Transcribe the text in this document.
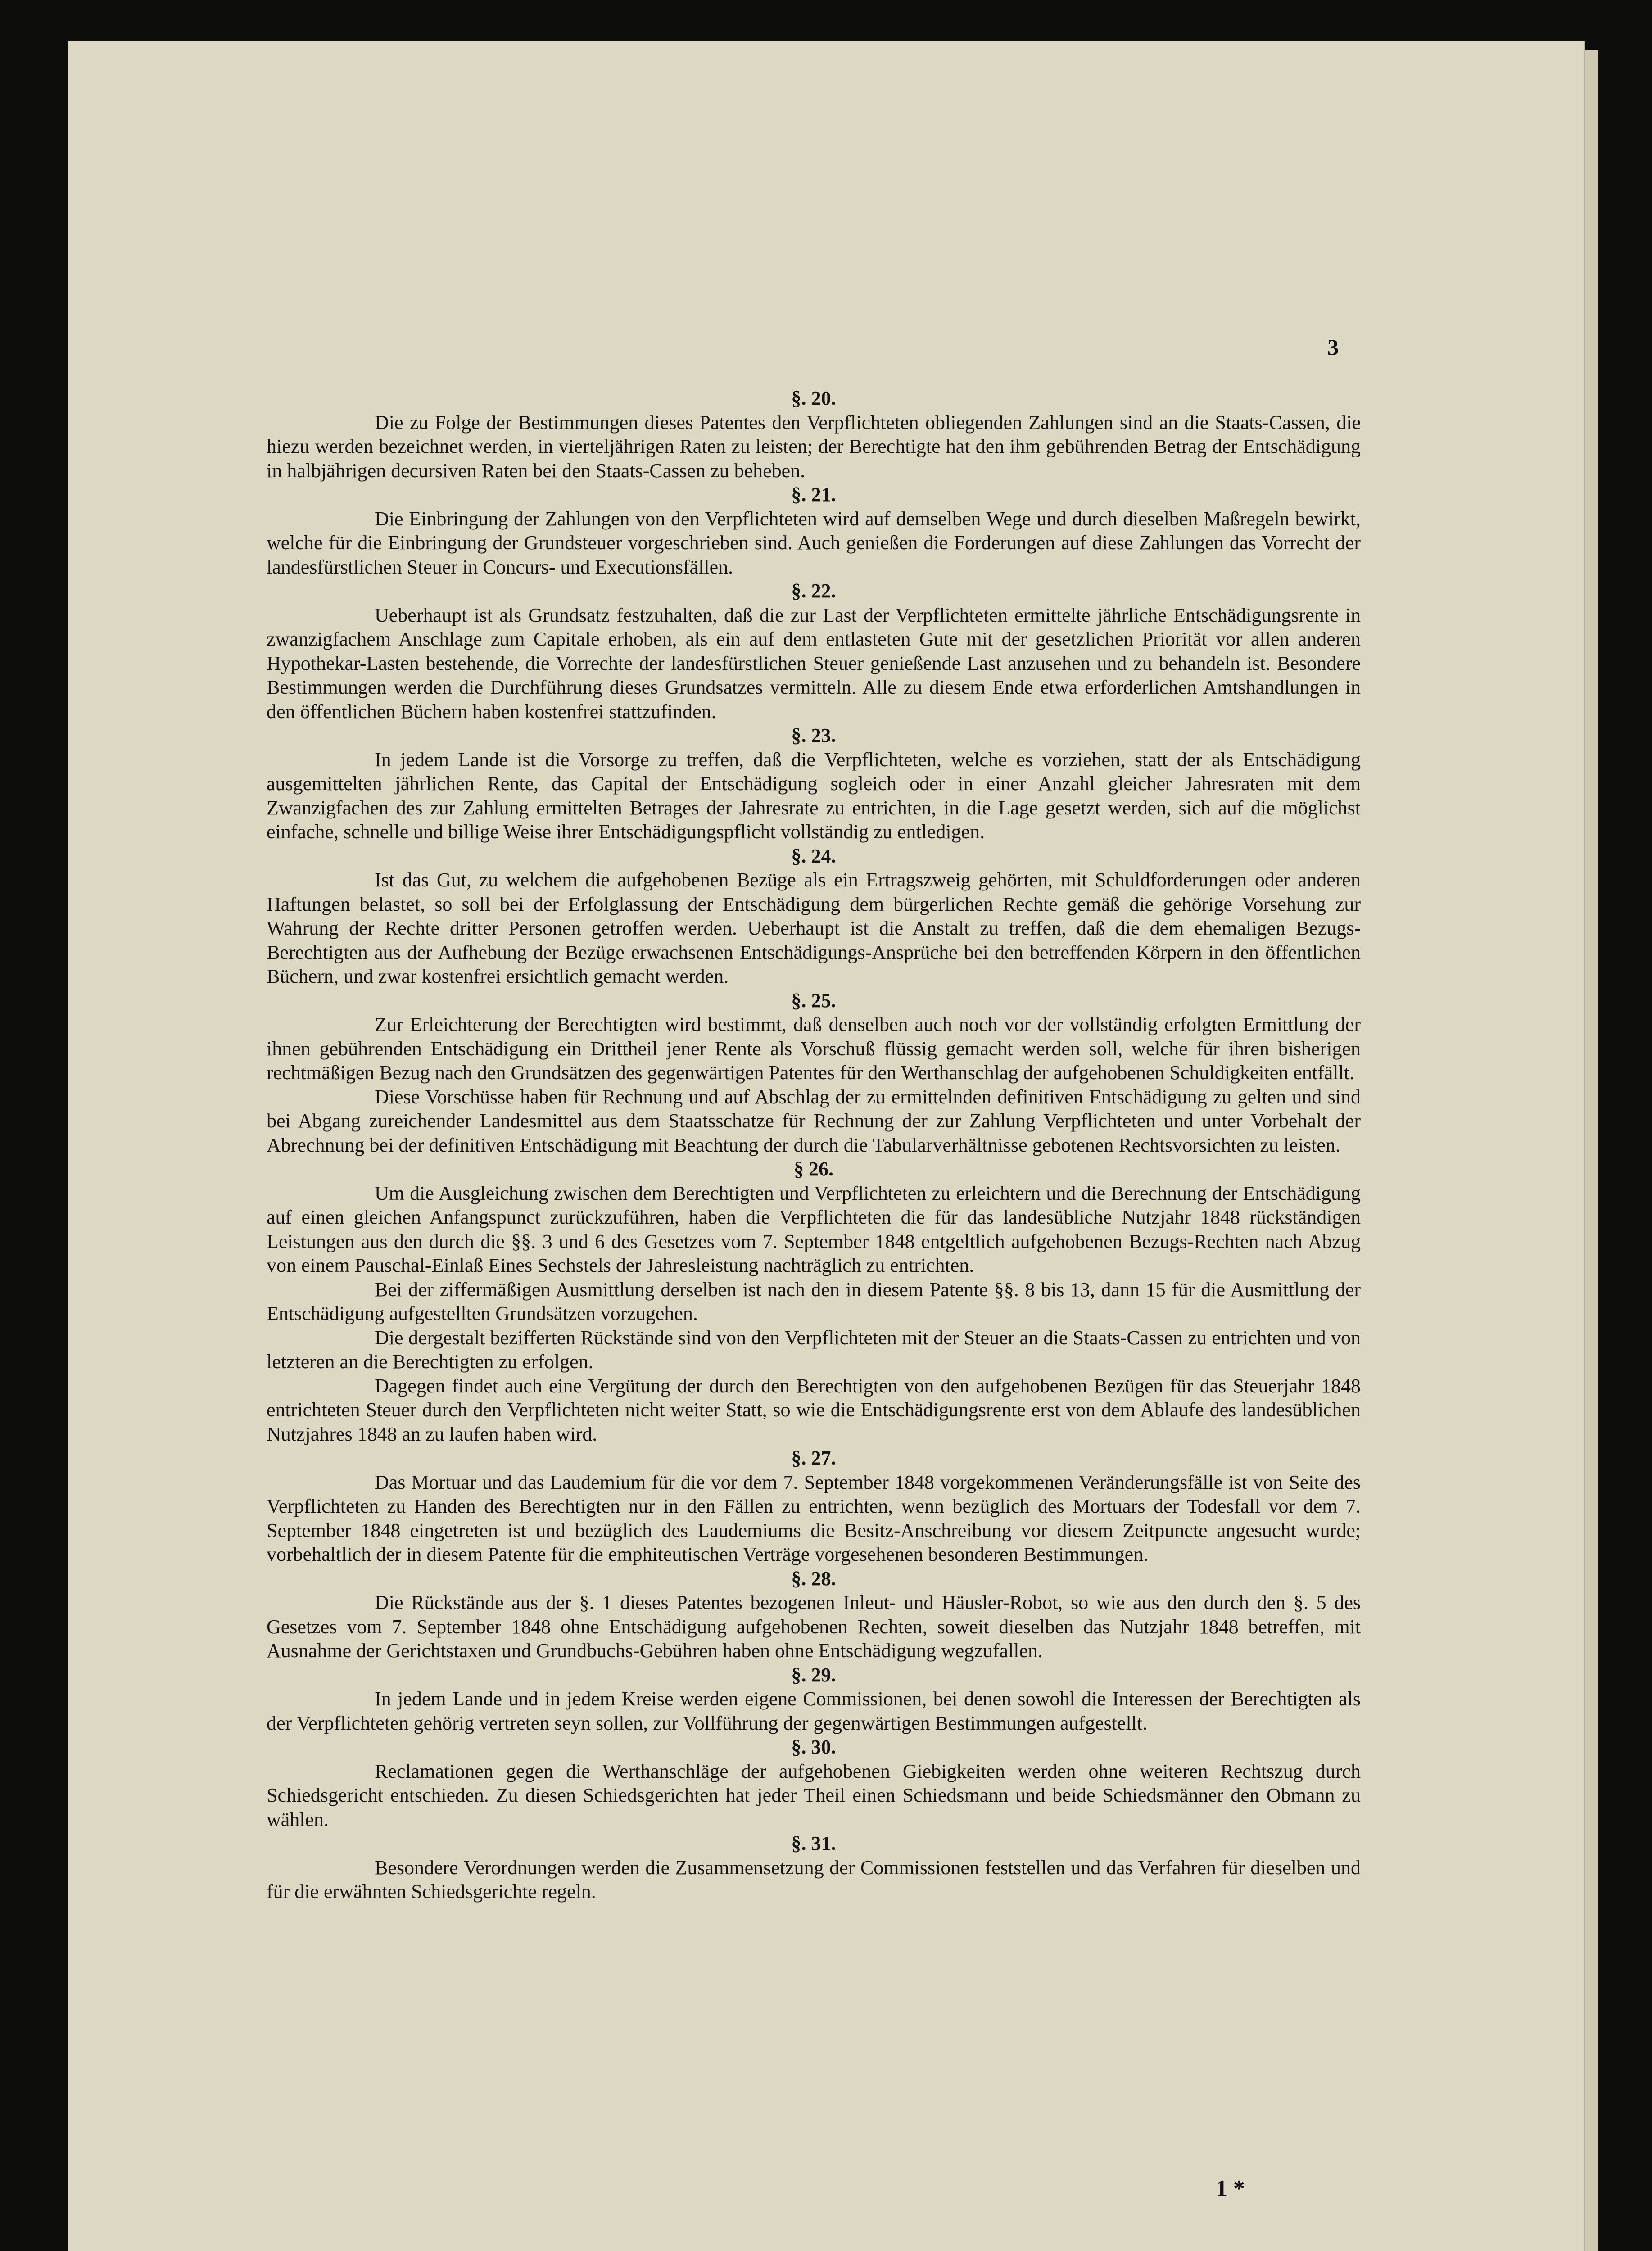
3
§. 20.

Die zu Folge der Bestimmungen dieses Patentes den Verpflichteten obliegenden Zahlungen sind an die Staats-Cassen, die hiezu werden bezeichnet werden, in vierteljährigen Raten zu leisten; der Berechtigte hat den ihm gebührenden Betrag der Entschädigung in halbjährigen decursiven Raten bei den Staats-Cassen zu beheben.

§. 21.

Die Einbringung der Zahlungen von den Verpflichteten wird auf demselben Wege und durch dieselben Maßregeln bewirkt, welche für die Einbringung der Grundsteuer vorgeschrieben sind. Auch genießen die Forderungen auf diese Zahlungen das Vorrecht der landesfürstlichen Steuer in Concurs- und Executionsfällen.

§. 22.

Ueberhaupt ist als Grundsatz festzuhalten, daß die zur Last der Verpflichteten ermittelte jährliche Entschädigungsrente in zwanzigfachem Anschlage zum Capitale erhoben, als ein auf dem entlasteten Gute mit der gesetzlichen Priorität vor allen anderen Hypothekar-Lasten bestehende, die Vorrechte der landesfürstlichen Steuer genießende Last anzusehen und zu behandeln ist. Besondere Bestimmungen werden die Durchführung dieses Grundsatzes vermitteln. Alle zu diesem Ende etwa erforderlichen Amtshandlungen in den öffentlichen Büchern haben kostenfrei stattzufinden.

§. 23.

In jedem Lande ist die Vorsorge zu treffen, daß die Verpflichteten, welche es vorziehen, statt der als Entschädigung ausgemittelten jährlichen Rente, das Capital der Entschädigung sogleich oder in einer Anzahl gleicher Jahresraten mit dem Zwanzigfachen des zur Zahlung ermittelten Betrages der Jahresrate zu entrichten, in die Lage gesetzt werden, sich auf die möglichst einfache, schnelle und billige Weise ihrer Entschädigungspflicht vollständig zu entledigen.

§. 24.

Ist das Gut, zu welchem die aufgehobenen Bezüge als ein Ertragszweig gehörten, mit Schuldforderungen oder anderen Haftungen belastet, so soll bei der Erfolglassung der Entschädigung dem bürgerlichen Rechte gemäß die gehörige Vorsehung zur Wahrung der Rechte dritter Personen getroffen werden. Ueberhaupt ist die Anstalt zu treffen, daß die dem ehemaligen Bezugs-Berechtigten aus der Aufhebung der Bezüge erwachsenen Entschädigungs-Ansprüche bei den betreffenden Körpern in den öffentlichen Büchern, und zwar kostenfrei ersichtlich gemacht werden.

§. 25.

Zur Erleichterung der Berechtigten wird bestimmt, daß denselben auch noch vor der vollständig erfolgten Ermittlung der ihnen gebührenden Entschädigung ein Drittheil jener Rente als Vorschuß flüssig gemacht werden soll, welche für ihren bisherigen rechtmäßigen Bezug nach den Grundsätzen des gegenwärtigen Patentes für den Werthanschlag der aufgehobenen Schuldigkeiten entfällt.

Diese Vorschüsse haben für Rechnung und auf Abschlag der zu ermittelnden definitiven Entschädigung zu gelten und sind bei Abgang zureichender Landesmittel aus dem Staatsschatze für Rechnung der zur Zahlung Verpflichteten und unter Vorbehalt der Abrechnung bei der definitiven Entschädigung mit Beachtung der durch die Tabularverhältnisse gebotenen Rechtsvorsichten zu leisten.

§ 26.

Um die Ausgleichung zwischen dem Berechtigten und Verpflichteten zu erleichtern und die Berechnung der Entschädigung auf einen gleichen Anfangspunct zurückzuführen, haben die Verpflichteten die für das landesübliche Nutzjahr 1848 rückständigen Leistungen aus den durch die §§. 3 und 6 des Gesetzes vom 7. September 1848 entgeltlich aufgehobenen Bezugs-Rechten nach Abzug von einem Pauschal-Einlaß Eines Sechstels der Jahresleistung nachträglich zu entrichten.

Bei der ziffermäßigen Ausmittlung derselben ist nach den in diesem Patente §§. 8 bis 13, dann 15 für die Ausmittlung der Entschädigung aufgestellten Grundsätzen vorzugehen.

Die dergestalt bezifferten Rückstände sind von den Verpflichteten mit der Steuer an die Staats-Cassen zu entrichten und von letzteren an die Berechtigten zu erfolgen.

Dagegen findet auch eine Vergütung der durch den Berechtigten von den aufgehobenen Bezügen für das Steuerjahr 1848 entrichteten Steuer durch den Verpflichteten nicht weiter Statt, so wie die Entschädigungsrente erst von dem Ablaufe des landesüblichen Nutzjahres 1848 an zu laufen haben wird.

§. 27.

Das Mortuar und das Laudemium für die vor dem 7. September 1848 vorgekommenen Veränderungsfälle ist von Seite des Verpflichteten zu Handen des Berechtigten nur in den Fällen zu entrichten, wenn bezüglich des Mortuars der Todesfall vor dem 7. September 1848 eingetreten ist und bezüglich des Laudemiums die Besitz-Anschreibung vor diesem Zeitpuncte angesucht wurde; vorbehaltlich der in diesem Patente für die emphiteutischen Verträge vorgesehenen besonderen Bestimmungen.

§. 28.

Die Rückstände aus der §. 1 dieses Patentes bezogenen Inleut- und Häusler-Robot, so wie aus den durch den §. 5 des Gesetzes vom 7. September 1848 ohne Entschädigung aufgehobenen Rechten, soweit dieselben das Nutzjahr 1848 betreffen, mit Ausnahme der Gerichtstaxen und Grundbuchs-Gebühren haben ohne Entschädigung wegzufallen.

§. 29.

In jedem Lande und in jedem Kreise werden eigene Commissionen, bei denen sowohl die Interessen der Berechtigten als der Verpflichteten gehörig vertreten seyn sollen, zur Vollführung der gegenwärtigen Bestimmungen aufgestellt.

§. 30.

Reclamationen gegen die Werthanschläge der aufgehobenen Giebigkeiten werden ohne weiteren Rechtszug durch Schiedsgericht entschieden. Zu diesen Schiedsgerichten hat jeder Theil einen Schiedsmann und beide Schiedsmänner den Obmann zu wählen.

§. 31.

Besondere Verordnungen werden die Zusammensetzung der Commissionen feststellen und das Verfahren für dieselben und für die erwähnten Schiedsgerichte regeln.

1 *
